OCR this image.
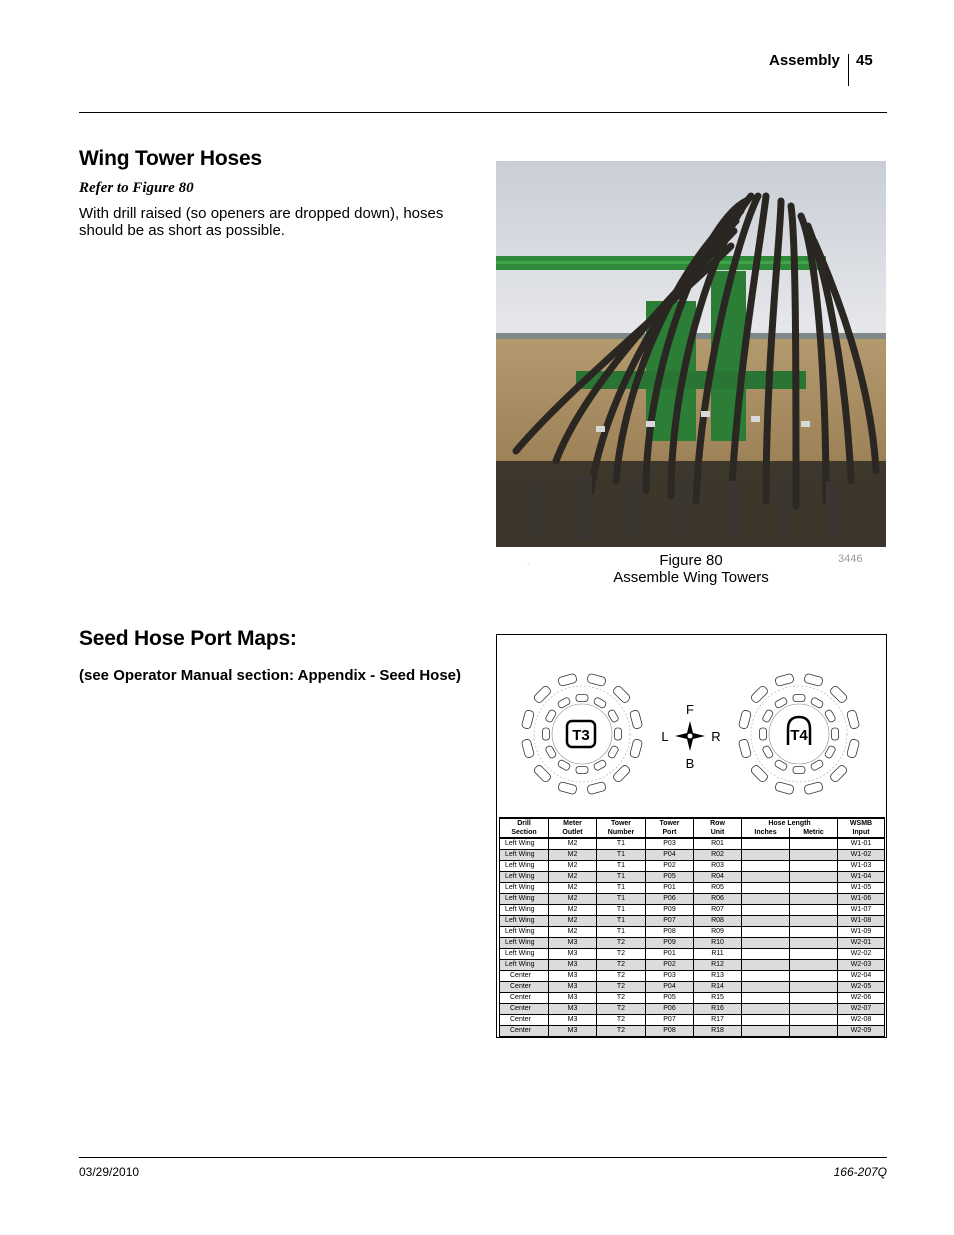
Assembly 45
Wing Tower Hoses
Refer to Figure 80
With drill raised (so openers are dropped down), hoses should be as short as possible.
.	Figure 80
Assemble Wing Towers
3446
Seed Hose Port Maps:
(see Operator Manual section: Appendix - Seed Hose)
T3	T4
F
B
L	R
Drill	Meter	Tower	Tower	Row	Hose Length		WSMB
Section	Outlet	Number	Port	Unit	Inches	Metric	Input
Left Wing	M2	T1	P03	R01			W1-01
Left Wing	M2	T1	P04	R02			W1-02
Left Wing	M2	T1	P02	R03			W1-03
Left Wing	M2	T1	P05	R04			W1-04
Left Wing	M2	T1	P01	R05			W1-05
Left Wing	M2	T1	P06	R06			W1-06
Left Wing	M2	T1	P09	R07			W1-07
Left Wing	M2	T1	P07	R08			W1-08
Left Wing	M2	T1	P08	R09			W1-09
Left Wing	M3	T2	P09	R10			W2-01
Left Wing	M3	T2	P01	R11			W2-02
Left Wing	M3	T2	P02	R12			W2-03
Center	M3	T2	P03	R13			W2-04
Center	M3	T2	P04	R14			W2-05
Center	M3	T2	P05	R15			W2-06
Center	M3	T2	P06	R16			W2-07
Center	M3	T2	P07	R17			W2-08
Center	M3	T2	P08	R18			W2-09
03/29/2010	166-207Q
